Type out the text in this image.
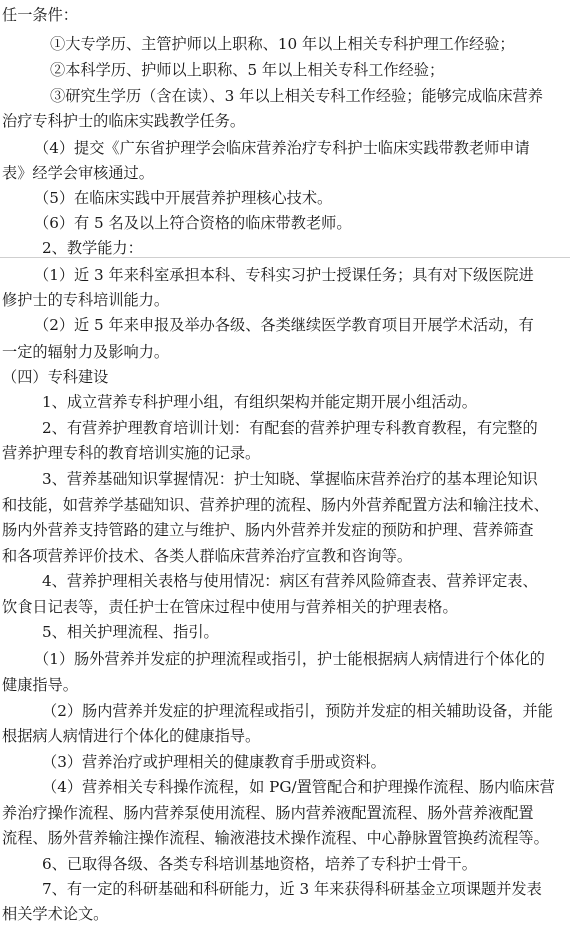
任一条件：
①大专学历、主管护师以上职称、10 年以上相关专科护理工作经验；
②本科学历、护师以上职称、5 年以上相关专科工作经验；
③研究生学历（含在读）、3 年以上相关专科工作经验；能够完成临床营养
治疗专科护士的临床实践教学任务。
（4）提交《广东省护理学会临床营养治疗专科护士临床实践带教老师申请
表》经学会审核通过。
（5）在临床实践中开展营养护理核心技术。
（6）有 5 名及以上符合资格的临床带教老师。
2、教学能力：
（1）近 3 年来科室承担本科、专科实习护士授课任务；具有对下级医院进
修护士的专科培训能力。
（2）近 5 年来申报及举办各级、各类继续医学教育项目开展学术活动，有
一定的辐射力及影响力。
（四）专科建设
1、成立营养专科护理小组，有组织架构并能定期开展小组活动。
2、有营养护理教育培训计划：有配套的营养护理专科教育教程，有完整的
营养护理专科的教育培训实施的记录。
3、营养基础知识掌握情况：护士知晓、掌握临床营养治疗的基本理论知识
和技能，如营养学基础知识、营养护理的流程、肠内外营养配置方法和输注技术、
肠内外营养支持管路的建立与维护、肠内外营养并发症的预防和护理、营养筛查
和各项营养评价技术、各类人群临床营养治疗宣教和咨询等。
4、营养护理相关表格与使用情况：病区有营养风险筛查表、营养评定表、
饮食日记表等，责任护士在管床过程中使用与营养相关的护理表格。
5、相关护理流程、指引。
（1）肠外营养并发症的护理流程或指引，护士能根据病人病情进行个体化的
健康指导。
（2）肠内营养并发症的护理流程或指引，预防并发症的相关辅助设备，并能
根据病人病情进行个体化的健康指导。
（3）营养治疗或护理相关的健康教育手册或资料。
（4）营养相关专科操作流程，如 PG/置管配合和护理操作流程、肠内临床营
养治疗操作流程、肠内营养泵使用流程、肠内营养液配置流程、肠外营养液配置
流程、肠外营养输注操作流程、输液港技术操作流程、中心静脉置管换药流程等。
6、已取得各级、各类专科培训基地资格，培养了专科护士骨干。
7、有一定的科研基础和科研能力，近 3 年来获得科研基金立项课题并发表
相关学术论文。
